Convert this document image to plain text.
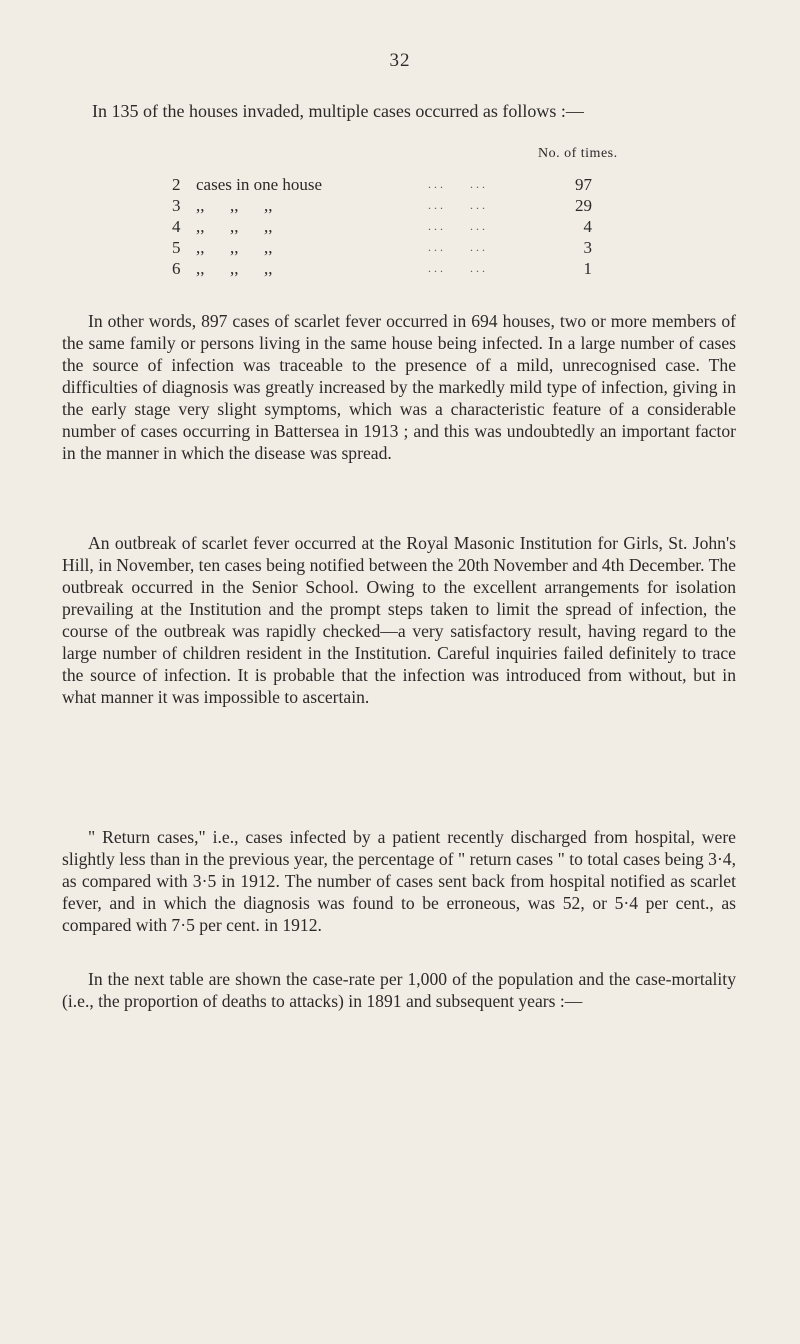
32

In 135 of the houses invaded, multiple cases occurred as follows :—

No. of times.
2 cases in one house	...    ...	97
3 ,,      ,,      ,,	...    ...	29
4 ,,      ,,      ,,	...    ...	4
5 ,,      ,,      ,,	...    ...	3
6 ,,      ,,      ,,	...    ...	1

In other words, 897 cases of scarlet fever occurred in 694 houses, two or more members of the same family or persons living in the same house being infected. In a large number of cases the source of infection was traceable to the presence of a mild, unrecognised case. The difficulties of diagnosis was greatly increased by the markedly mild type of infection, giving in the early stage very slight symptoms, which was a characteristic feature of a considerable number of cases occurring in Battersea in 1913 ; and this was undoubtedly an important factor in the manner in which the disease was spread.

An outbreak of scarlet fever occurred at the Royal Masonic Institution for Girls, St. John's Hill, in November, ten cases being notified between the 20th November and 4th December. The outbreak occurred in the Senior School. Owing to the excellent arrangements for isolation prevailing at the Institution and the prompt steps taken to limit the spread of infection, the course of the outbreak was rapidly checked—a very satisfactory result, having regard to the large number of children resident in the Institution. Careful inquiries failed definitely to trace the source of infection. It is probable that the infection was introduced from without, but in what manner it was impossible to ascertain.

" Return cases," i.e., cases infected by a patient recently discharged from hospital, were slightly less than in the previous year, the percentage of " return cases " to total cases being 3·4, as compared with 3·5 in 1912. The number of cases sent back from hospital notified as scarlet fever, and in which the diagnosis was found to be erroneous, was 52, or 5·4 per cent., as compared with 7·5 per cent. in 1912.

In the next table are shown the case-rate per 1,000 of the population and the case-mortality (i.e., the proportion of deaths to attacks) in 1891 and subsequent years :—
